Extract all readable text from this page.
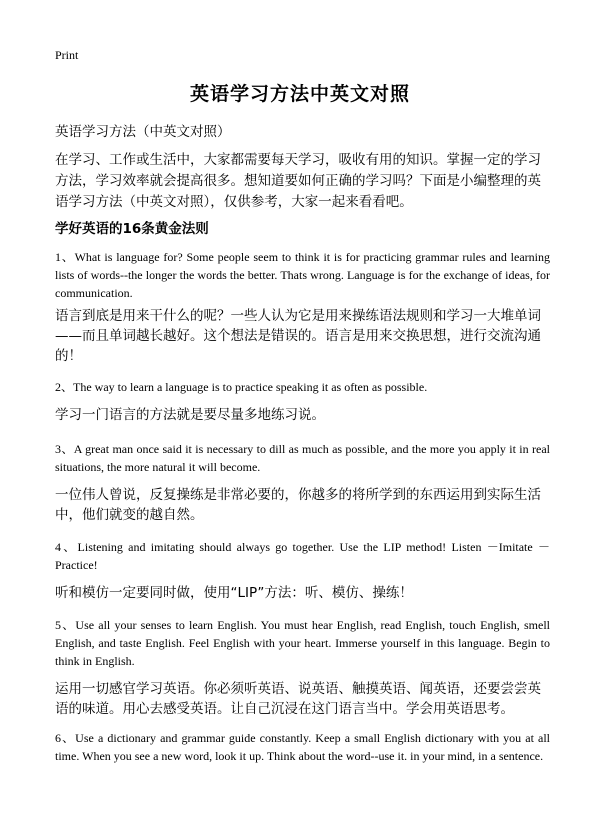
Print
英语学习方法中英文对照
英语学习方法（中英文对照）
在学习、工作或生活中，大家都需要每天学习，吸收有用的知识。掌握一定的学习方法，学习效率就会提高很多。想知道要如何正确的学习吗？下面是小编整理的英语学习方法（中英文对照），仅供参考，大家一起来看看吧。
学好英语的16条黄金法则
1、What is language for? Some people seem to think it is for practicing grammar rules and learning lists of words--the longer the words the better. Thats wrong. Language is for the exchange of ideas, for communication.
语言到底是用来干什么的呢？一些人认为它是用来操练语法规则和学习一大堆单词——而且单词越长越好。这个想法是错误的。语言是用来交换思想，进行交流沟通的！
2、The way to learn a language is to practice speaking it as often as possible.
学习一门语言的方法就是要尽量多地练习说。
3、A great man once said it is necessary to dill as much as possible, and the more you apply it in real situations, the more natural it will become.
一位伟人曾说，反复操练是非常必要的，你越多的将所学到的东西运用到实际生活中，他们就变的越自然。
4、Listening and imitating should always go together. Use the LIP method! Listen －Imitate －Practice!
听和模仿一定要同时做，使用“LIP”方法：听、模仿、操练！
5、Use all your senses to learn English. You must hear English, read English, touch English, smell English, and taste English. Feel English with your heart. Immerse yourself in this language. Begin to think in English.
运用一切感官学习英语。你必须听英语、说英语、触摸英语、闻英语，还要尝尝英语的味道。用心去感受英语。让自己沉浸在这门语言当中。学会用英语思考。
6、Use a dictionary and grammar guide constantly. Keep a small English dictionary with you at all time. When you see a new word, look it up. Think about the word--use it. in your mind, in a sentence.
